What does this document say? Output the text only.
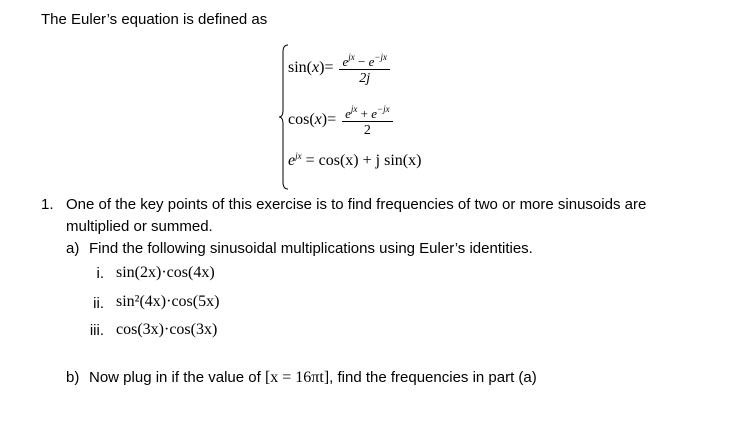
The Euler’s equation is defined as
$\sin(x)= \frac{e^{jx} - e^{-jx}}{2j}$
$\cos(x)= \frac{e^{jx} + e^{-jx}}{2}$
$e^{jx} = \cos(x) + j$ sin(x)
1. One of the key points of this exercise is to find frequencies of two or more sinusoids are
multiplied or summed.
a) Find the following sinusoidal multiplications using Euler’s identities.
i. sin(2x)·cos(4x)
ii. sin²(4x)·cos(5x)
iii. cos(3x)·cos(3x)
b) Now plug in if the value of [x = 16πt], find the frequencies in part (a)
